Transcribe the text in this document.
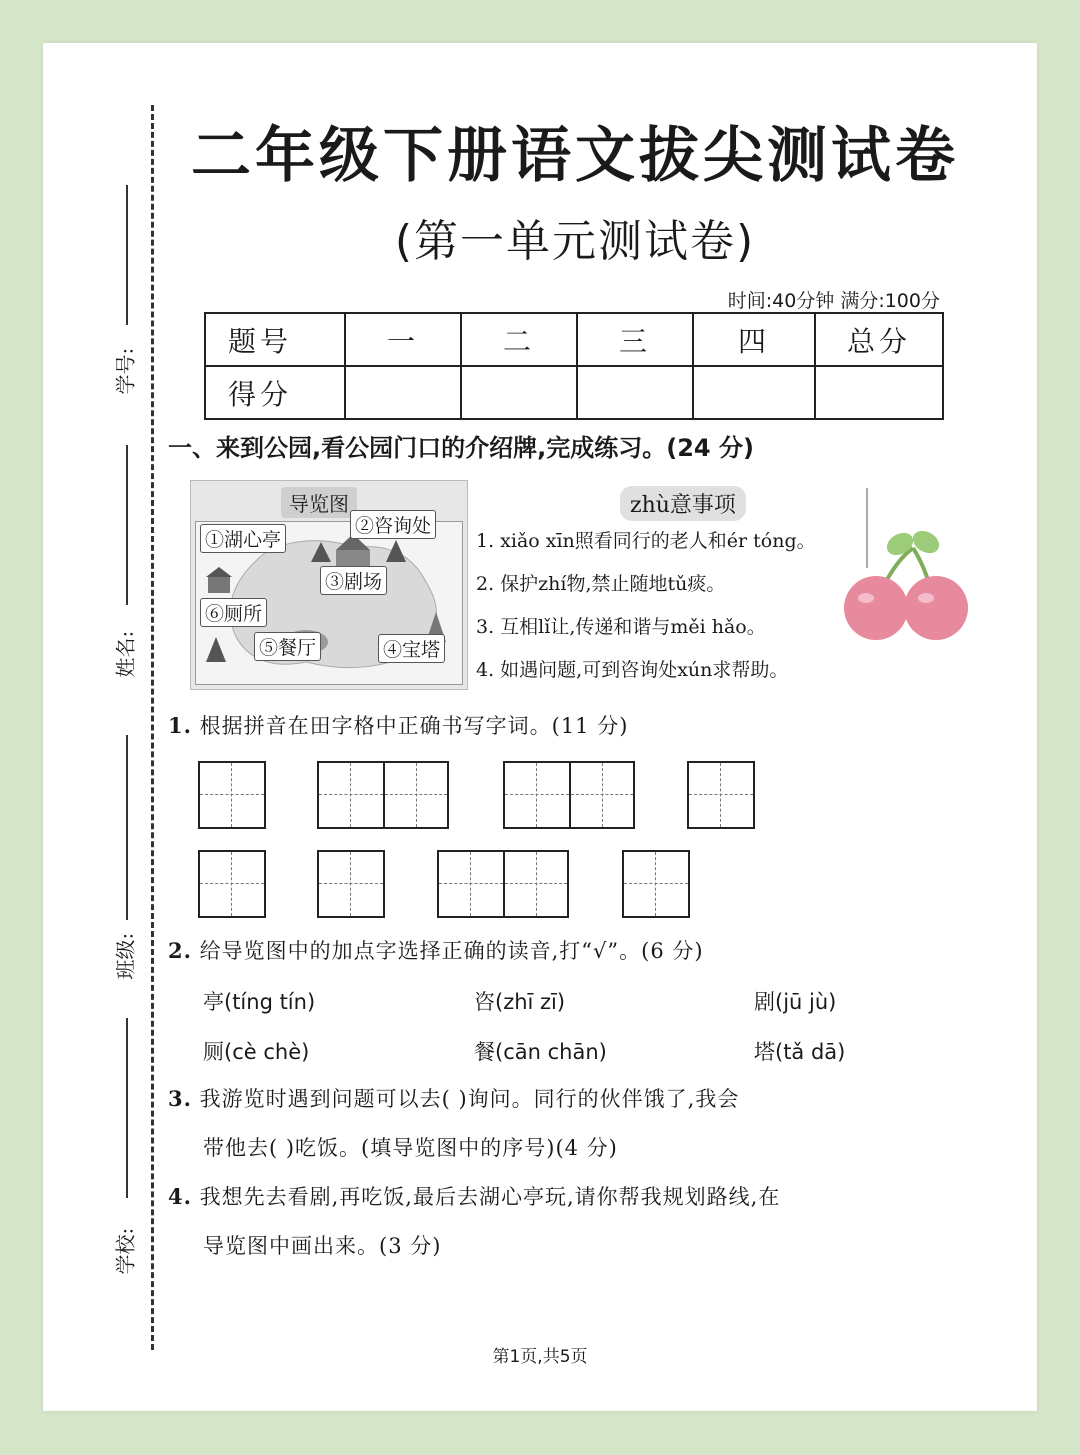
学号:
姓名:
班级:
学校:
二年级下册语文拔尖测试卷
(第一单元测试卷)
时间:40分钟 满分:100分
题号	一	二	三	四	总分
得分					
一、来到公园,看公园门口的介绍牌,完成练习。(24 分)
导览图
①湖心亭
②咨询处
③剧场
⑥厕所
⑤餐厅	④宝塔
zhù意事项
1. xiǎo xīn照看同行的老人和ér tóng。
2. 保护zhí物,禁止随地tǔ痰。
3. 互相lǐ让,传递和谐与měi hǎo。
4. 如遇问题,可到咨询处xún求帮助。
1. 根据拼音在田字格中正确书写字词。(11 分)
2. 给导览图中的加点字选择正确的读音,打“√”。(6 分)
亭(tíng tín)	咨(zhī zī)	剧(jū jù)
厕(cè chè)	餐(cān chān)	塔(tǎ dā)
3. 我游览时遇到问题可以去( )询问。同行的伙伴饿了,我会
带他去( )吃饭。(填导览图中的序号)(4 分)
4. 我想先去看剧,再吃饭,最后去湖心亭玩,请你帮我规划路线,在
导览图中画出来。(3 分)
第1页,共5页
